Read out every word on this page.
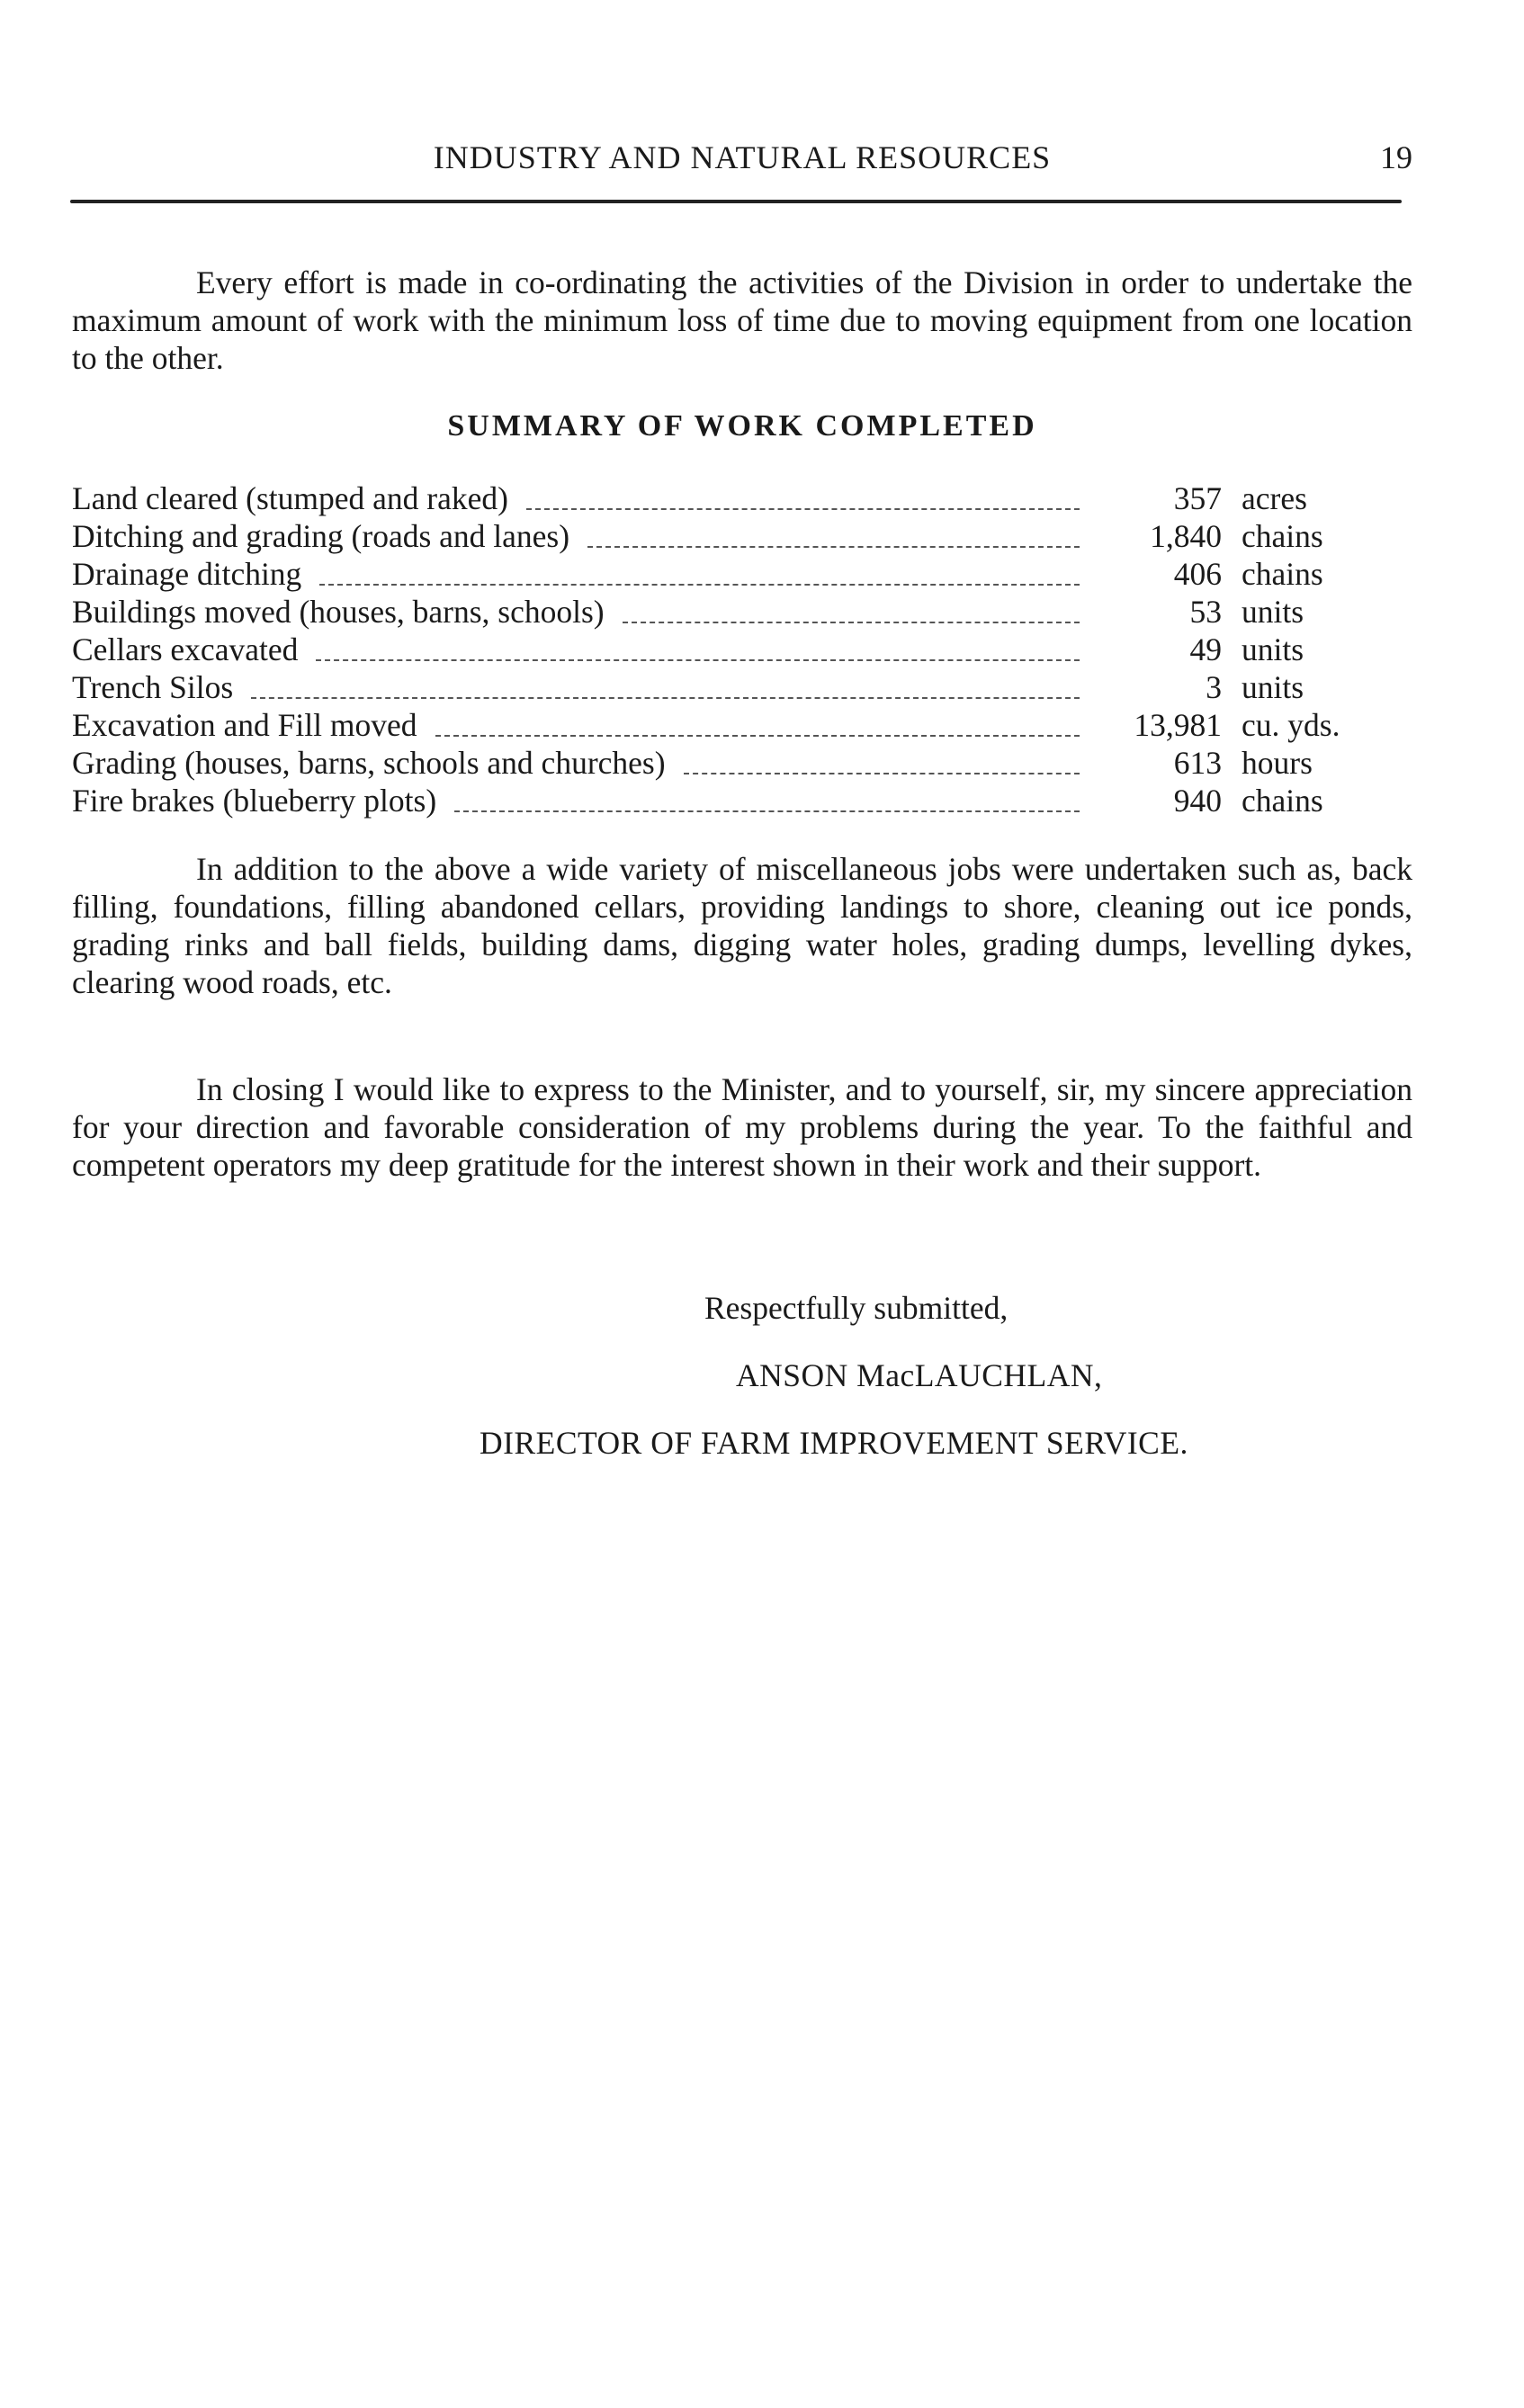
INDUSTRY AND NATURAL RESOURCES	19

Every effort is made in co-ordinating the activities of the Division in order to undertake the maximum amount of work with the minimum loss of time due to moving equipment from one location to the other.

SUMMARY OF WORK COMPLETED
Land cleared (stumped and raked)	357 acres
Ditching and grading (roads and lanes)	1,840 chains
Drainage ditching	406 chains
Buildings moved (houses, barns, schools)	53 units
Cellars excavated	49 units
Trench Silos	3 units
Excavation and Fill moved	13,981 cu. yds.
Grading (houses, barns, schools and churches)	613 hours
Fire brakes (blueberry plots)	940 chains

In addition to the above a wide variety of miscellaneous jobs were undertaken such as, back filling, foundations, filling abandoned cellars, providing landings to shore, cleaning out ice ponds, grading rinks and ball fields, building dams, digging water holes, grading dumps, levelling dykes, clearing wood roads, etc.

In closing I would like to express to the Minister, and to yourself, sir, my sincere appreciation for your direction and favorable consideration of my problems during the year. To the faithful and competent operators my deep gratitude for the interest shown in their work and their support.

Respectfully submitted,
ANSON MacLAUCHLAN,
DIRECTOR OF FARM IMPROVEMENT SERVICE.
